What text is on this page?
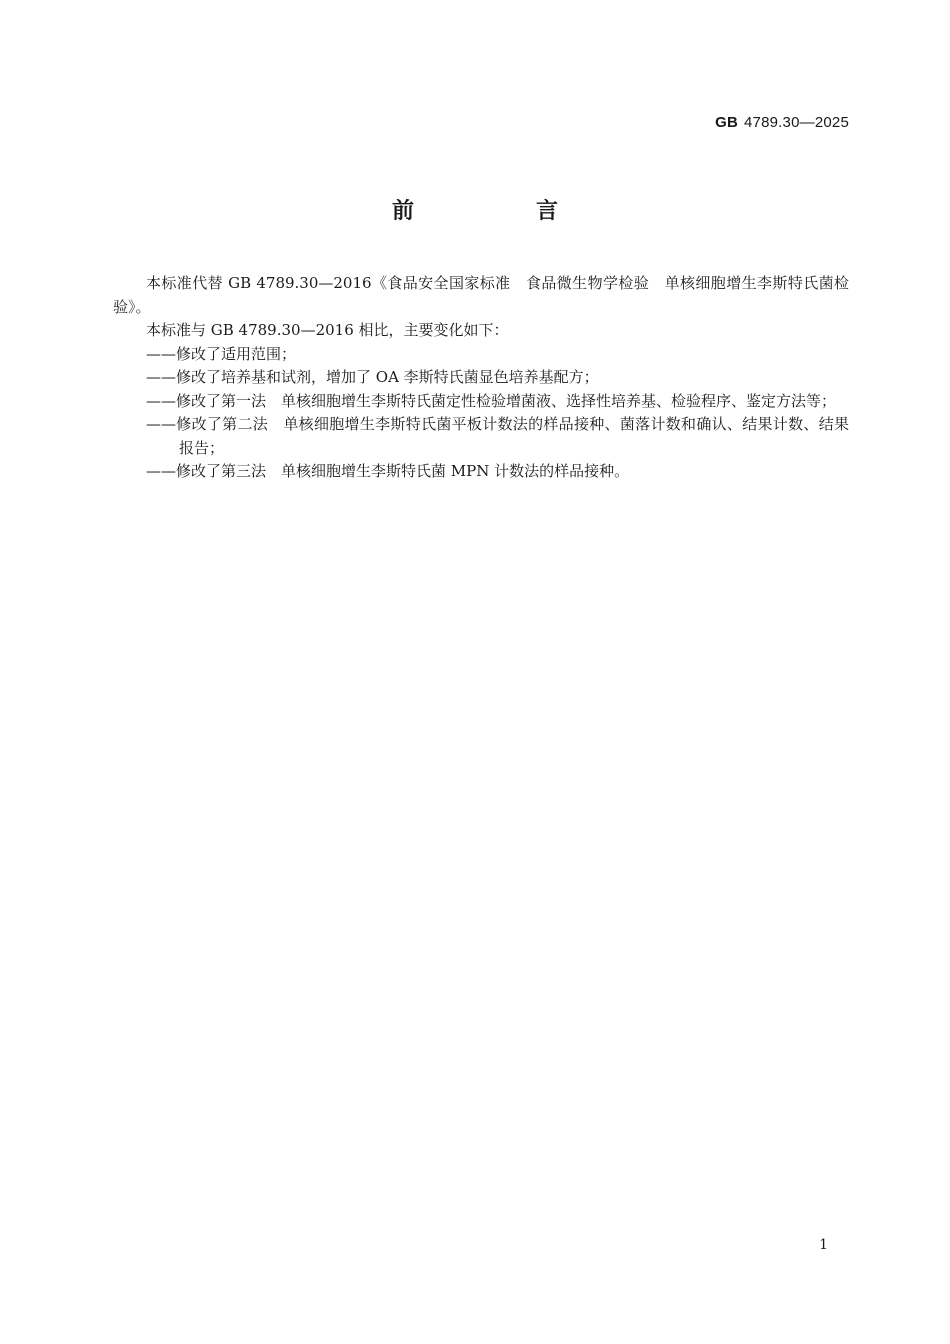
GB 4789.30—2025
前　言

本标准代替 GB 4789.30—2016《食品安全国家标准　食品微生物学检验　单核细胞增生李斯特氏菌检验》。

本标准与 GB 4789.30—2016 相比，主要变化如下：

——修改了适用范围；

——修改了培养基和试剂，增加了 OA 李斯特氏菌显色培养基配方；

——修改了第一法　单核细胞增生李斯特氏菌定性检验增菌液、选择性培养基、检验程序、鉴定方法等；

——修改了第二法　单核细胞增生李斯特氏菌平板计数法的样品接种、菌落计数和确认、结果计数、结果报告；

——修改了第三法　单核细胞增生李斯特氏菌 MPN 计数法的样品接种。

1
